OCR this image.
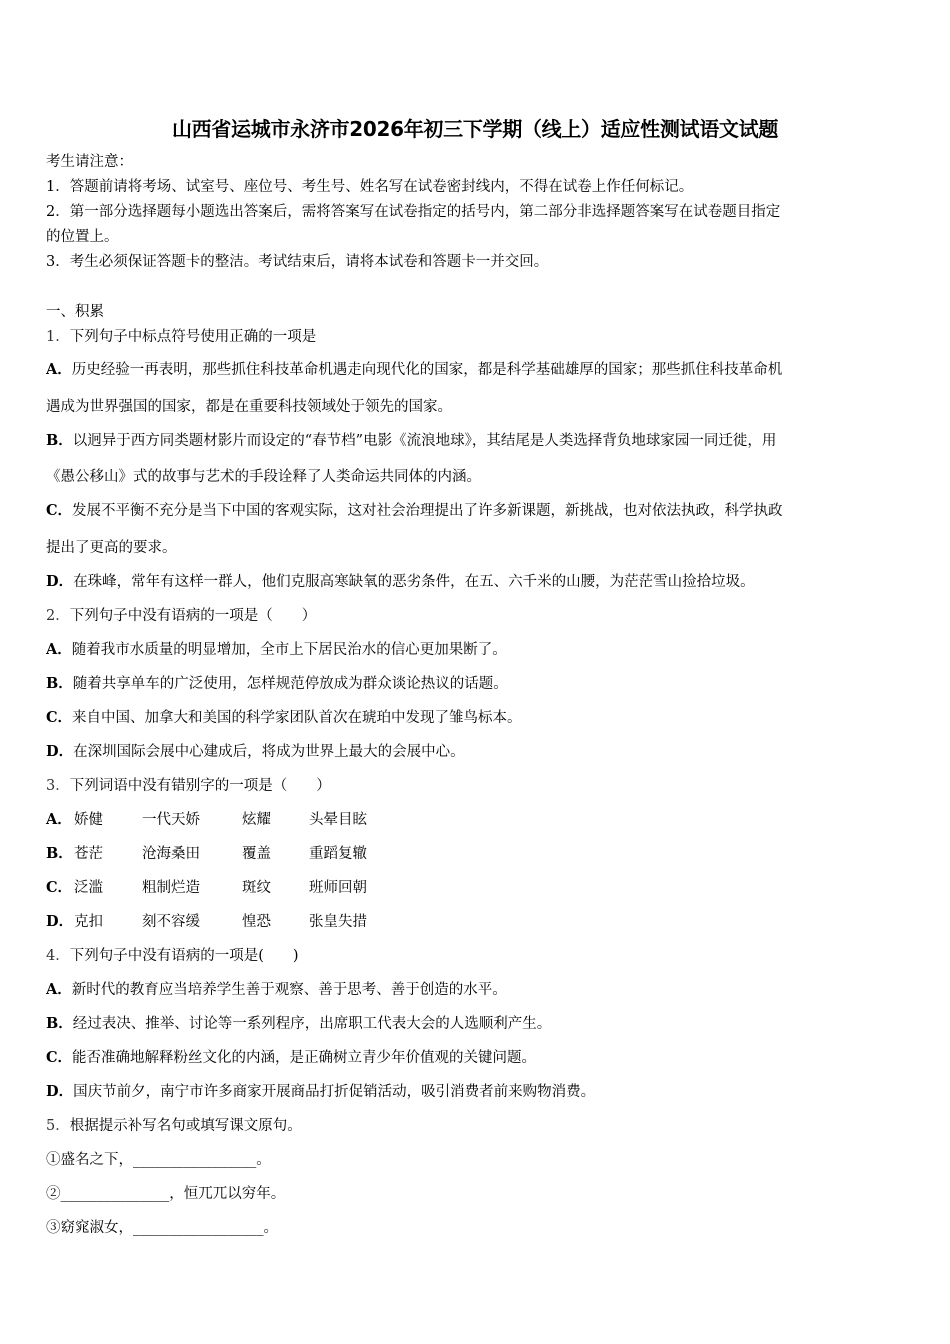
山西省运城市永济市2026年初三下学期（线上）适应性测试语文试题
考生请注意：
1．答题前请将考场、试室号、座位号、考生号、姓名写在试卷密封线内，不得在试卷上作任何标记。
2．第一部分选择题每小题选出答案后，需将答案写在试卷指定的括号内，第二部分非选择题答案写在试卷题目指定
的位置上。
3．考生必须保证答题卡的整洁。考试结束后，请将本试卷和答题卡一并交回。
一、积累
1．下列句子中标点符号使用正确的一项是
A．历史经验一再表明，那些抓住科技革命机遇走向现代化的国家，都是科学基础雄厚的国家；那些抓住科技革命机
遇成为世界强国的国家，都是在重要科技领域处于领先的国家。
B．以迥异于西方同类题材影片而设定的“春节档”电影《流浪地球》，其结尾是人类选择背负地球家园一同迁徙，用
《愚公移山》式的故事与艺术的手段诠释了人类命运共同体的内涵。
C．发展不平衡不充分是当下中国的客观实际，这对社会治理提出了许多新课题，新挑战，也对依法执政，科学执政
提出了更高的要求。
D．在珠峰，常年有这样一群人，他们克服高寒缺氧的恶劣条件，在五、六千米的山腰，为茫茫雪山捡拾垃圾。
2．下列句子中没有语病的一项是（　　）
A．随着我市水质量的明显增加，全市上下居民治水的信心更加果断了。
B．随着共享单车的广泛使用，怎样规范停放成为群众谈论热议的话题。
C．来自中国、加拿大和美国的科学家团队首次在琥珀中发现了雏鸟标本。
D．在深圳国际会展中心建成后，将成为世界上最大的会展中心。
3．下列词语中没有错别字的一项是（　　）
A． 娇健	一代天娇	炫耀	头晕目眩
B．苍茫	沧海桑田	覆盖	重蹈复辙
C． 泛滥	粗制烂造	斑纹	班师回朝
D．克扣	刻不容缓	惶恐	张皇失措
4．下列句子中没有语病的一项是(　　)
A．新时代的教育应当培养学生善于观察、善于思考、善于创造的水平。
B．经过表决、推举、讨论等一系列程序，出席职工代表大会的人选顺利产生。
C．能否准确地解释粉丝文化的内涵，是正确树立青少年价值观的关键问题。
D．国庆节前夕，南宁市许多商家开展商品打折促销活动，吸引消费者前来购物消费。
5．根据提示补写名句或填写课文原句。
①盛名之下，_________________。
②_______________，恒兀兀以穷年。
③窈窕淑女，__________________。
